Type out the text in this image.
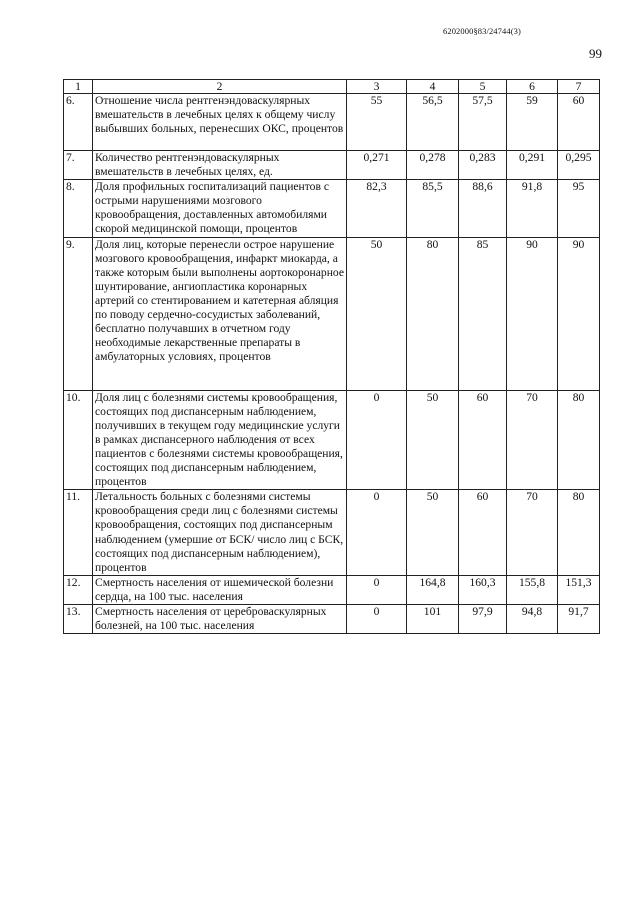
6202000§83/24744(3)
99
1	2	3	4	5	6	7
6.	Отношение числа рентгенэндоваскулярных вмешательств в лечебных целях к общему числу выбывших больных, перенесших ОКС, процентов	55	56,5	57,5	59	60
7.	Количество рентгенэндоваскулярных вмешательств в лечебных целях, ед.	0,271	0,278	0,283	0,291	0,295
8.	Доля профильных госпитализаций пациентов с острыми нарушениями мозгового кровообращения, доставленных автомобилями скорой медицинской помощи, процентов	82,3	85,5	88,6	91,8	95
9.	Доля лиц, которые перенесли острое нарушение мозгового кровообращения, инфаркт миокарда, а также которым были выполнены аортокоронарное шунтирование, ангиопластика коронарных артерий со стентированием и катетерная абляция по поводу сердечно-сосудистых заболеваний, бесплатно получавших в отчетном году необходимые лекарственные препараты в амбулаторных условиях, процентов	50	80	85	90	90
10.	Доля лиц с болезнями системы кровообращения, состоящих под диспансерным наблюдением, получивших в текущем году медицинские услуги в рамках диспансерного наблюдения от всех пациентов с болезнями системы кровообращения, состоящих под диспансерным наблюдением, процентов	0	50	60	70	80
11.	Летальность больных с болезнями системы кровообращения среди лиц с болезнями системы кровообращения, состоящих под диспансерным наблюдением (умершие от БСК/ число лиц с БСК, состоящих под диспансерным наблюдением), процентов	0	50	60	70	80
12.	Смертность населения от ишемической болезни сердца, на 100 тыс. населения	0	164,8	160,3	155,8	151,3
13.	Смертность населения от цереброваскулярных болезней, на 100 тыс. населения	0	101	97,9	94,8	91,7
